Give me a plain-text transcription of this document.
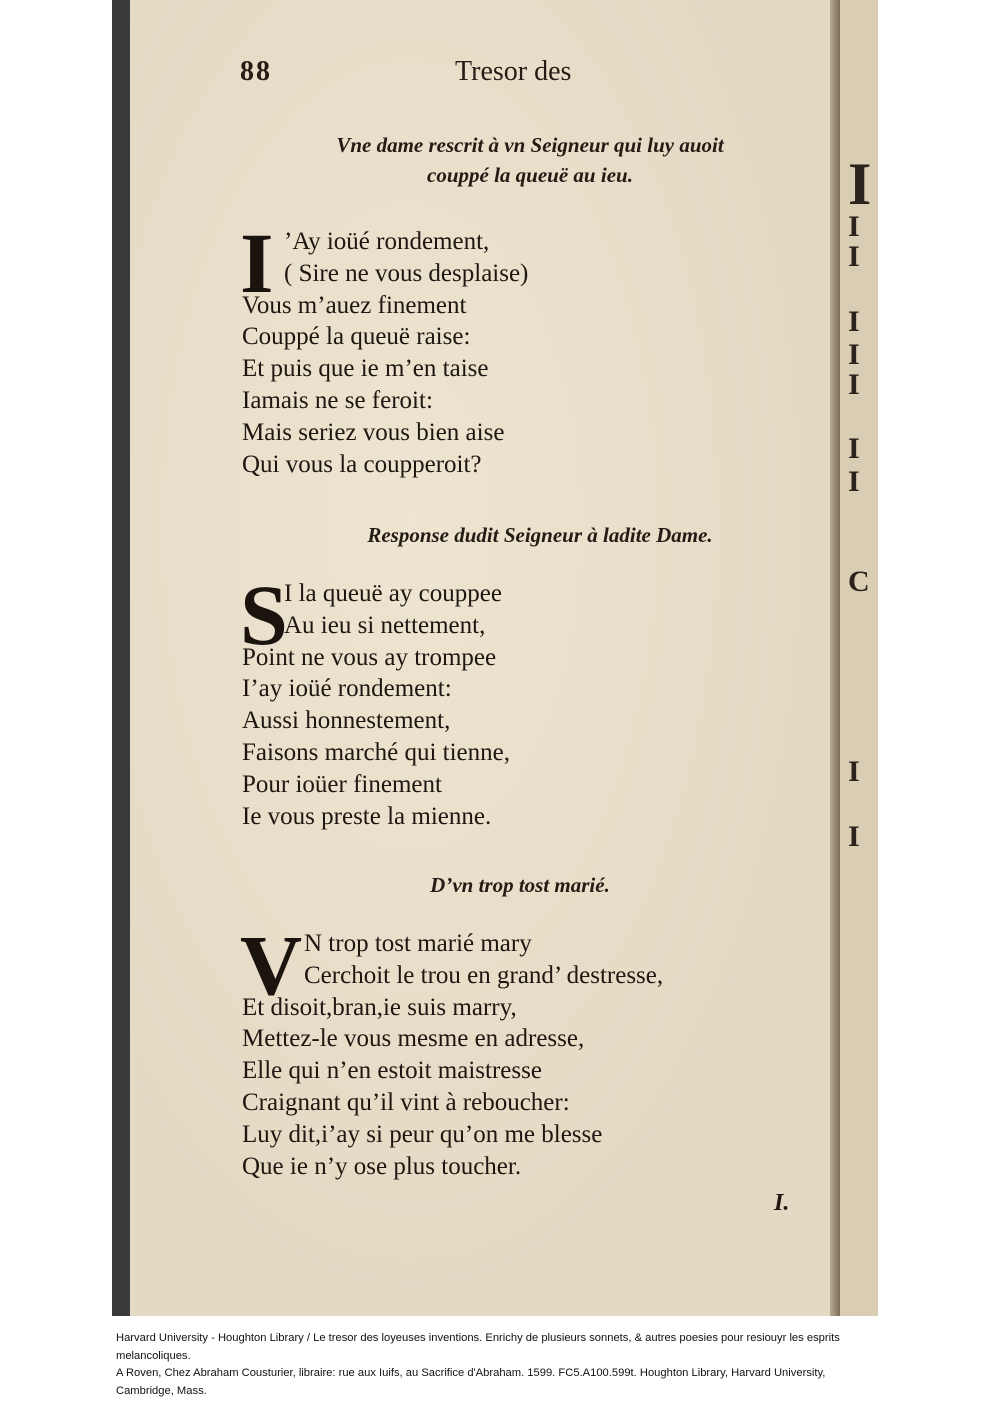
88	Tresor des
Vne dame rescrit à vn Seigneur qui luy auoit
couppé la queuë au ieu.
I ’Ay ioüé rondement,
( Sire ne vous desplaise)
Vous m’auez finement
Couppé la queuë raise:
Et puis que ie m’en taise
Iamais ne se feroit:
Mais seriez vous bien aise
Qui vous la coupperoit?
Response dudit Seigneur à ladite Dame.
S
I la queuë ay couppee
Au ieu si nettement,
Point ne vous ay trompee
I’ay ioüé rondement:
Aussi honnestement,
Faisons marché qui tienne,
Pour ioüer finement
Ie vous preste la mienne.
D’vn trop tost marié.
V N trop tost marié mary
Cerchoit le trou en grand’ destresse,
Et disoit,bran,ie suis marry,
Mettez-le vous mesme en adresse,
Elle qui n’en estoit maistresse
Craignant qu’il vint à reboucher:
Luy dit,i’ay si peur qu’on me blesse
Que ie n’y ose plus toucher.
I.
I
I
I
I
I
I
I
I
C
I
I
Harvard University - Houghton Library / Le tresor des loyeuses inventions. Enrichy de plusieurs sonnets, & autres poesies pour resiouyr les esprits melancoliques.
A Roven, Chez Abraham Cousturier, libraire: rue aux Iuifs, au Sacrifice d'Abraham. 1599. FC5.A100.599t. Houghton Library, Harvard University, Cambridge, Mass.
